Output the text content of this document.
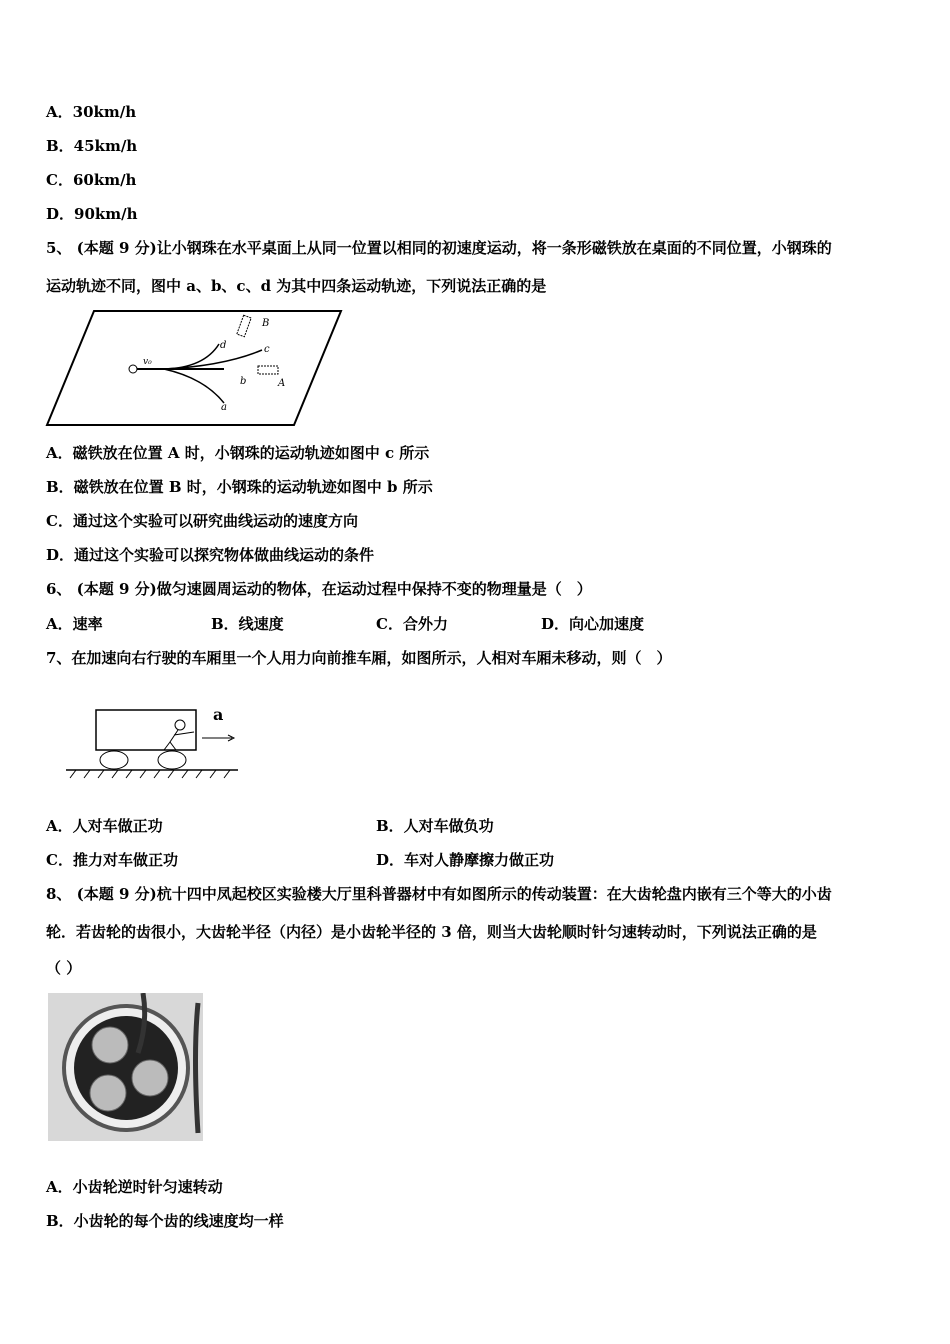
A．30km/h
B．45km/h
C．60km/h
D．90km/h
5、 (本题 9 分)让小钢珠在水平桌面上从同一位置以相同的初速度运动，将一条形磁铁放在桌面的不同位置，小钢珠的
运动轨迹不同，图中 a、b、c、d 为其中四条运动轨迹，下列说法正确的是
v₀
a
b
c
d
A
B
A．磁铁放在位置 A 时，小钢珠的运动轨迹如图中 c 所示
B．磁铁放在位置 B 时，小钢珠的运动轨迹如图中 b 所示
C．通过这个实验可以研究曲线运动的速度方向
D．通过这个实验可以探究物体做曲线运动的条件
6、 (本题 9 分)做匀速圆周运动的物体，在运动过程中保持不变的物理量是（　）
A．速率	B．线速度	C．合外力	D．向心加速度
7、在加速向右行驶的车厢里一个人用力向前推车厢，如图所示，人相对车厢未移动，则（　）
a
A．人对车做正功	B．人对车做负功
C．推力对车做正功	D．车对人静摩擦力做正功
8、 (本题 9 分)杭十四中凤起校区实验楼大厅里科普器材中有如图所示的传动装置：在大齿轮盘内嵌有三个等大的小齿
轮．若齿轮的齿很小，大齿轮半径（内径）是小齿轮半径的 3 倍，则当大齿轮顺时针匀速转动时，下列说法正确的是
（ ）
A．小齿轮逆时针匀速转动
B．小齿轮的每个齿的线速度均一样
